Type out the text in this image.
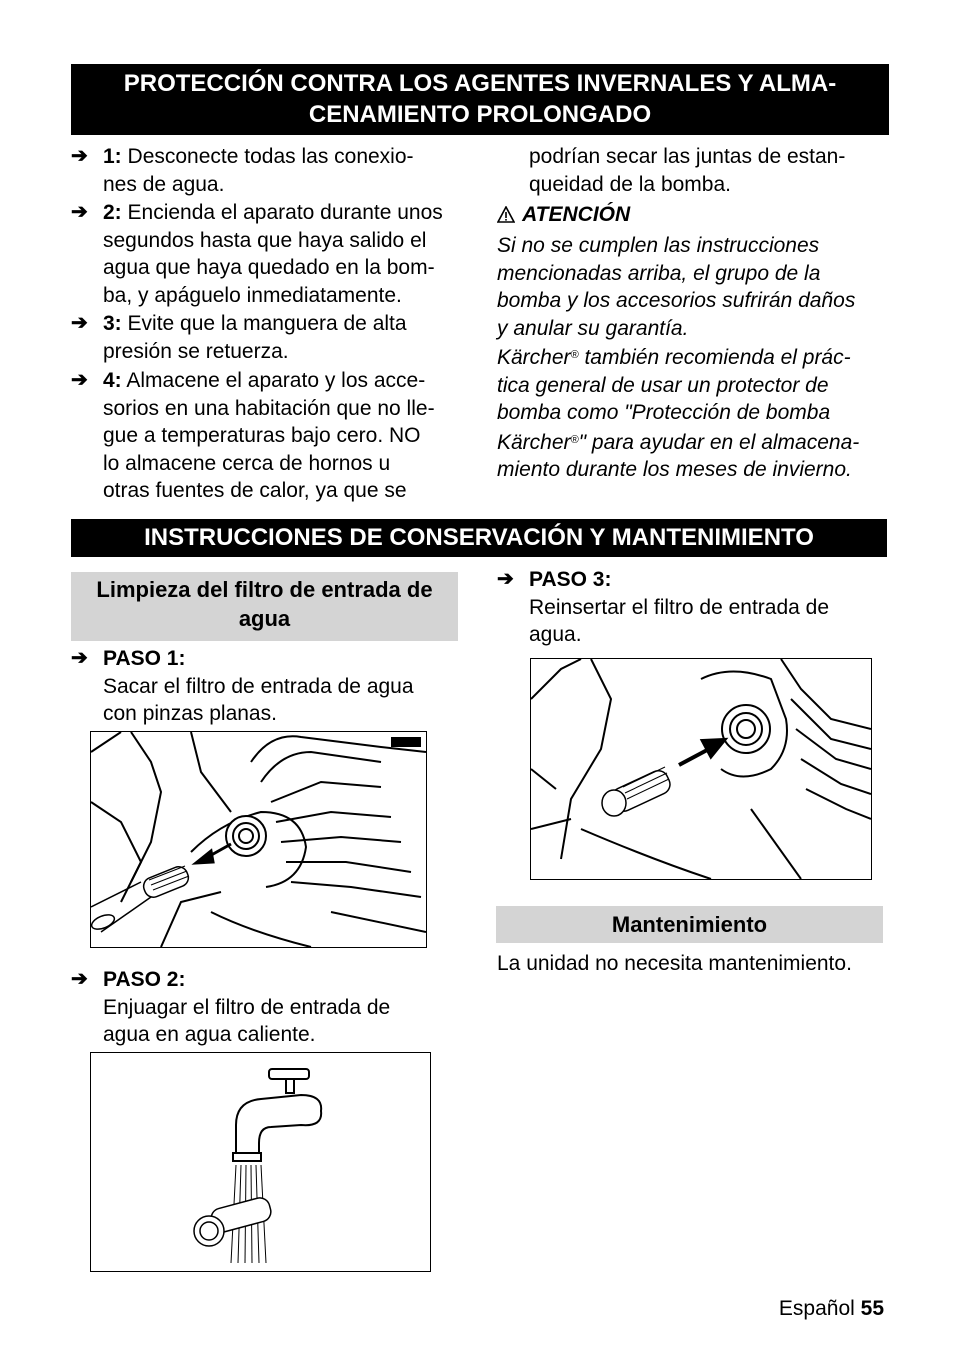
PROTECCIÓN CONTRA LOS AGENTES INVERNALES Y ALMA-
CENAMIENTO PROLONGADO
➔ 1: Desconecte todas las conexio-
nes de agua.
➔ 2: Encienda el aparato durante unos
segundos hasta que haya salido el
agua que haya quedado en la bom-
ba, y apáguelo inmediatamente.
➔ 3: Evite que la manguera de alta
presión se retuerza.
➔ 4: Almacene el aparato y los acce-
sorios en una habitación que no lle-
gue a temperaturas bajo cero. NO
lo almacene cerca de hornos u
otras fuentes de calor, ya que se
podrían secar las juntas de estan-
queidad de la bomba.
ATENCIÓN
Si no se cumplen las instrucciones
mencionadas arriba, el grupo de la
bomba y los accesorios sufrirán daños
y anular su garantía.
Kärcher® también recomienda el prác-
tica general de usar un protector de
bomba como "Protección de bomba
Kärcher®" para ayudar en el almacena-
miento durante los meses de invierno.
INSTRUCCIONES DE CONSERVACIÓN Y MANTENIMIENTO
Limpieza del filtro de entrada de
agua
➔ PASO 1:
Sacar el filtro de entrada de agua
con pinzas planas.
➔ PASO 2:
Enjuagar el filtro de entrada de
agua en agua caliente.
➔ PASO 3:
Reinsertar el filtro de entrada de
agua.
Mantenimiento
La unidad no necesita mantenimiento.
Español 55
